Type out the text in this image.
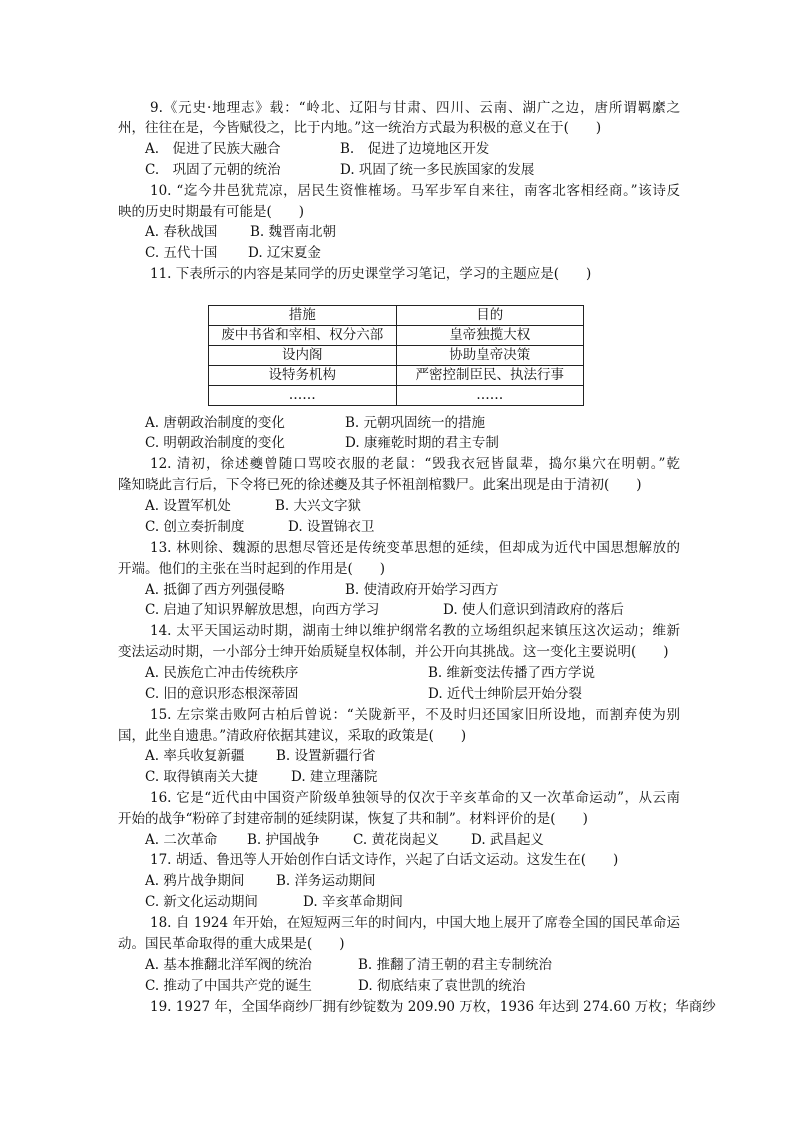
9.《元史·地理志》载：“岭北、辽阳与甘肃、四川、云南、湖广之边，唐所谓羁縻之
州，往往在是，今皆赋役之，比于内地。”这一统治方式最为积极的意义在于(　　)
A.　促进了民族大融合	B.　促进了边境地区开发
C.　巩固了元朝的统治	D. 巩固了统一多民族国家的发展
10. “迄今井邑犹荒凉，居民生资惟榷场。马军步军自来往，南客北客相经商。”该诗反
映的历史时期最有可能是(　　)
A. 春秋战国 B. 魏晋南北朝
C. 五代十国 D. 辽宋夏金
11. 下表所示的内容是某同学的历史课堂学习笔记，学习的主题应是(　　)
措施	目的
废中书省和宰相、权分六部	皇帝独揽大权
设内阁	协助皇帝决策
设特务机构	严密控制臣民、执法行事
……	……
A. 唐朝政治制度的变化	B. 元朝巩固统一的措施
C. 明朝政治制度的变化	D. 康雍乾时期的君主专制
12. 清初，徐述夔曾随口骂咬衣服的老鼠：“毁我衣冠皆鼠辈，捣尔巢穴在明朝。”乾
隆知晓此言行后，下令将已死的徐述夔及其子怀祖剖棺戮尸。此案出现是由于清初(　　)
A. 设置军机处	B. 大兴文字狱
C. 创立奏折制度	D. 设置锦衣卫
13. 林则徐、魏源的思想尽管还是传统变革思想的延续，但却成为近代中国思想解放的
开端。他们的主张在当时起到的作用是(　　)
A. 抵御了西方列强侵略	B. 使清政府开始学习西方
C. 启迪了知识界解放思想，向西方学习	D. 使人们意识到清政府的落后
14. 太平天国运动时期，湖南士绅以维护纲常名教的立场组织起来镇压这次运动；维新
变法运动时期，一小部分士绅开始质疑皇权体制，并公开向其挑战。这一变化主要说明(　　)
A. 民族危亡冲击传统秩序	B. 维新变法传播了西方学说
C. 旧的意识形态根深蒂固	D. 近代士绅阶层开始分裂
15. 左宗棠击败阿古柏后曾说：“关陇新平，不及时归还国家旧所设地，而割弃使为别
国，此坐自遗患。”清政府依据其建议，采取的政策是(　　)
A. 率兵收复新疆 B. 设置新疆行省
C. 取得镇南关大捷 D. 建立理藩院
16. 它是“近代由中国资产阶级单独领导的仅次于辛亥革命的又一次革命运动”，从云南
开始的战争“粉碎了封建帝制的延续阴谋，恢复了共和制”。材料评价的是(　　)
A. 二次革命 B. 护国战争 C. 黄花岗起义 D. 武昌起义
17. 胡适、鲁迅等人开始创作白话文诗作，兴起了白话文运动。这发生在(　　)
A. 鸦片战争期间 B. 洋务运动期间
C. 新文化运动期间	D. 辛亥革命期间
18. 自 1924 年开始，在短短两三年的时间内，中国大地上展开了席卷全国的国民革命运
动。国民革命取得的重大成果是(　　)
A. 基本推翻北洋军阀的统治	B. 推翻了清王朝的君主专制统治
C. 推动了中国共产党的诞生	D. 彻底结束了袁世凯的统治
19. 1927 年，全国华商纱厂拥有纱锭数为 209.90 万枚，1936 年达到 274.60 万枚；华商纱
